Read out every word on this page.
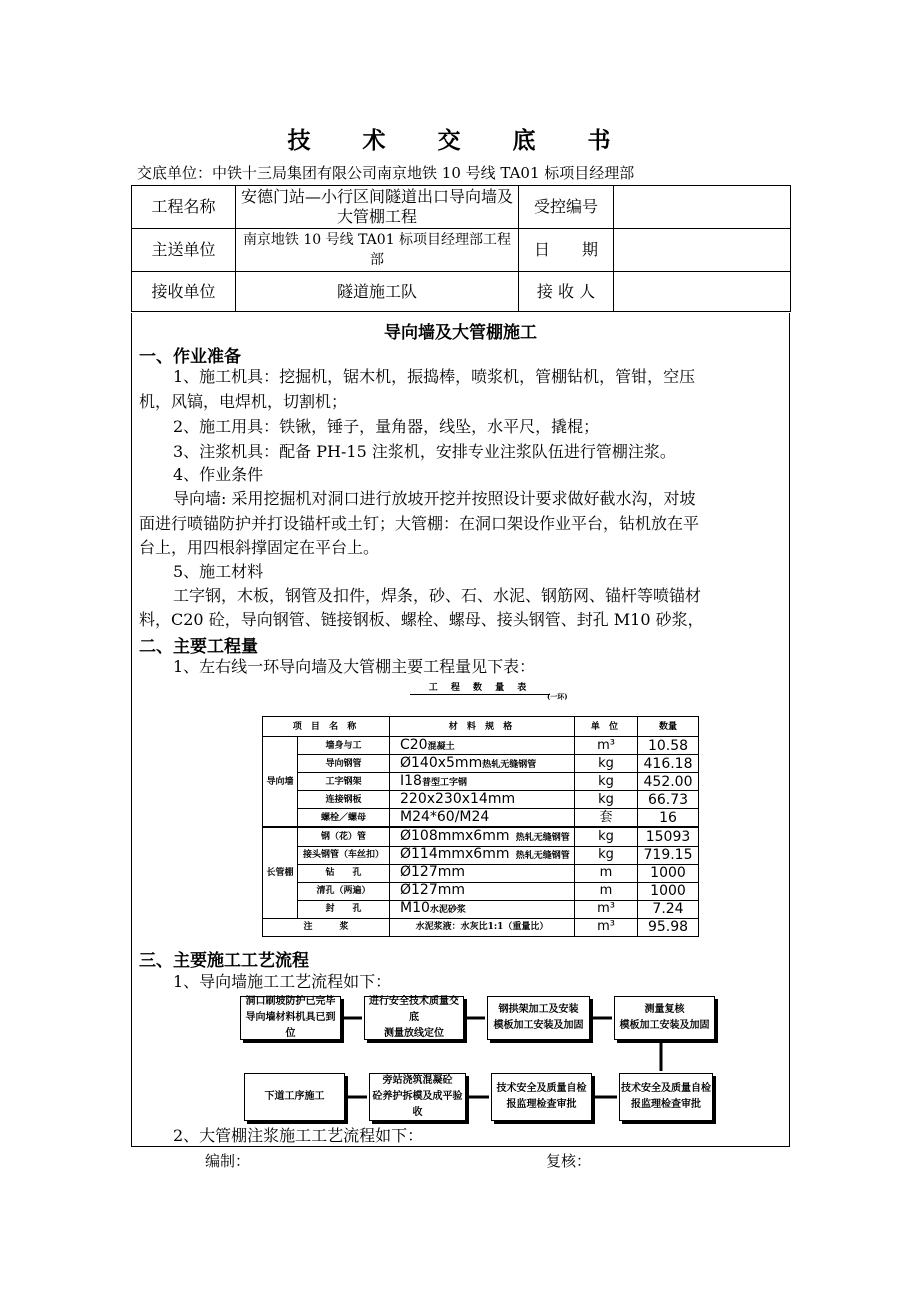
技 术 交 底 书
交底单位：中铁十三局集团有限公司南京地铁 10 号线 TA01 标项目经理部
工程名称	安德门站—小行区间隧道出口导向墙及大管棚工程	受控编号	
主送单位	南京地铁 10 号线 TA01 标项目经理部工程部	日　　期	
接收单位	隧道施工队	接 收 人	
导向墙及大管棚施工
一、作业准备
1、施工机具：挖掘机，锯木机，振捣棒，喷浆机，管棚钻机，管钳，空压
机，风镐，电焊机，切割机；
2、施工用具：铁锹，锤子，量角器，线坠，水平尺，撬棍；
3、注浆机具：配备 PH-15 注浆机，安排专业注浆队伍进行管棚注浆。
4、作业条件
导向墙: 采用挖掘机对洞口进行放坡开挖并按照设计要求做好截水沟，对坡
面进行喷锚防护并打设锚杆或土钉；大管棚：在洞口架设作业平台，钻机放在平
台上，用四根斜撑固定在平台上。
5、施工材料
工字钢，木板，钢管及扣件，焊条，砂、石、水泥、钢筋网、锚杆等喷锚材
料，C20 砼，导向钢管、链接钢板、螺栓、螺母、接头钢管、封孔 M10 砂浆，
二、主要工程量
1、左右线一环导向墙及大管棚主要工程量见下表：
工 程 数 量 表
(一环)
项 目 名 称		材 料 规 格	单 位	数量
导向墙	墙身与工	C20混凝土	m³	10.58
	导向钢管	Ø140x5mm热轧无缝钢管	kg	416.18
	工字钢架	I18普型工字钢	kg	452.00
	连接钢板	220x230x14mm	kg	66.73
	螺栓／螺母	M24*60/M24	套	16
长管棚	钢（花）管	Ø108mmx6mm 热轧无缝钢管	kg	15093
	接头钢管（车丝扣）	Ø114mmx6mm 热轧无缝钢管	kg	719.15
	钻　　孔	Ø127mm	m	1000
	清孔（两遍）	Ø127mm	m	1000
	封　　孔	M10水泥砂浆	m³	7.24
注　　　浆		水泥浆液：水灰比1:1（重量比）	m³	95.98
三、主要施工工艺流程
1、导向墙施工工艺流程如下：
洞口刷坡防护已完毕
导向墙材料机具已到位
进行安全技术质量交底
测量放线定位
钢拱架加工及安装
模板加工安装及加固
测量复核
模板加工安装及加固
技术安全及质量自检
报监理检查审批
技术安全及质量自检
报监理检查审批
旁站浇筑混凝砼
砼养护拆模及成平验收
下道工序施工
2、大管棚注浆施工工艺流程如下：
编制：	复核：
